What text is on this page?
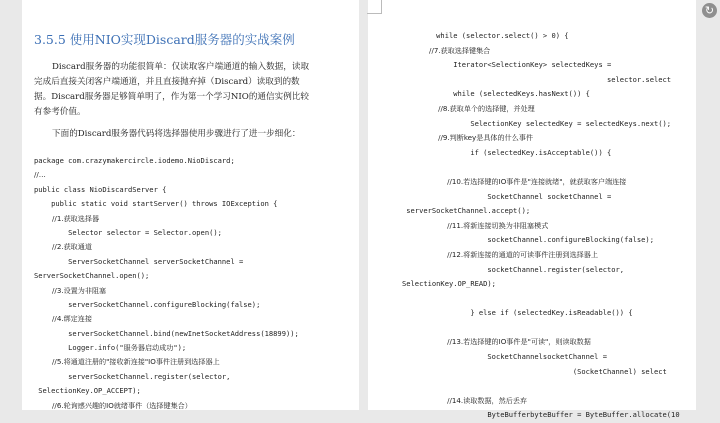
3.5.5 使用NIO实现Discard服务器的实战案例
Discard服务器的功能很简单：仅读取客户端通道的输入数据，读取
完成后直接关闭客户端通道，并且直接抛弃掉（Discard）读取到的数
据。Discard服务器足够简单明了，作为第一个学习NIO的通信实例比较
有参考价值。
下面的Discard服务器代码将选择器使用步骤进行了进一步细化：
package com.crazymakercircle.iodemo.NioDiscard;
//…
public class NioDiscardServer {
public static void startServer() throws IOException {
//1.获取选择器
Selector selector = Selector.open();
//2.获取通道
ServerSocketChannel serverSocketChannel =
ServerSocketChannel.open();
//3.设置为非阻塞
serverSocketChannel.configureBlocking(false);
//4.绑定连接
serverSocketChannel.bind(newInetSocketAddress(18899));
Logger.info("服务器启动成功");
//5.将通道注册的"接收新连接"IO事件注册到选择器上
serverSocketChannel.register(selector,
SelectionKey.OP_ACCEPT);
//6.轮询感兴趣的IO就绪事件（选择键集合）
while (selector.select() > 0) {
//7.获取选择键集合
Iterator<SelectionKey> selectedKeys =
selector.select
while (selectedKeys.hasNext()) {
//8.获取单个的选择键，并处理
SelectionKey selectedKey = selectedKeys.next();
//9.判断key是具体的什么事件
if (selectedKey.isAcceptable()) {
//10.若选择键的IO事件是"连接就绪"，就获取客户端连接
SocketChannel socketChannel =
serverSocketChannel.accept();
//11.将新连接切换为非阻塞模式
socketChannel.configureBlocking(false);
//12.将新连接的通道的可读事件注册到选择器上
socketChannel.register(selector,
SelectionKey.OP_READ);
} else if (selectedKey.isReadable()) {
//13.若选择键的IO事件是"可读"，则读取数据
SocketChannelsocketChannel =
(SocketChannel) select
//14.读取数据，然后丢弃
ByteBufferbyteBuffer = ByteBuffer.allocate(10
↻
